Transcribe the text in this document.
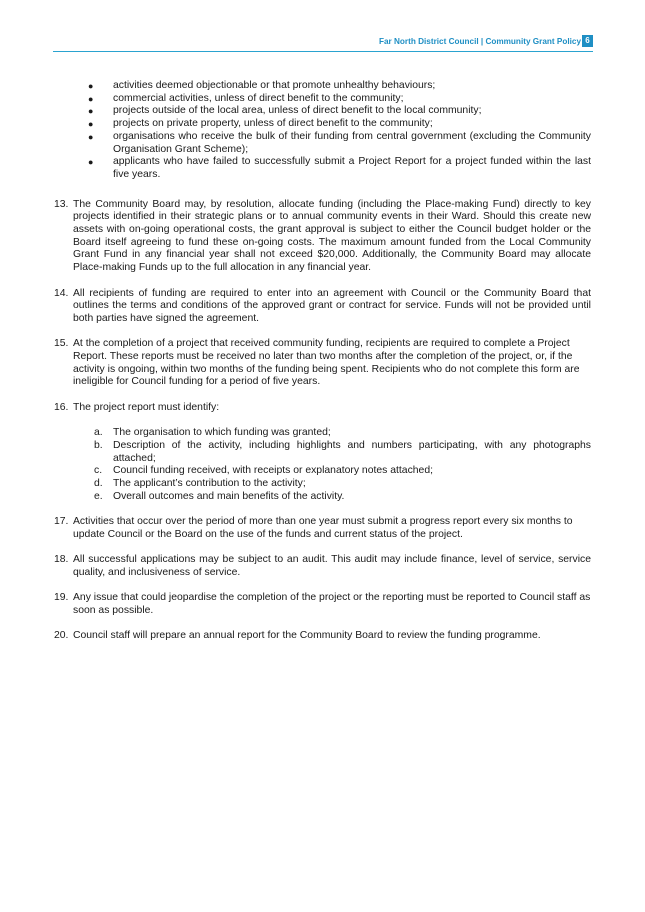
Far North District Council | Community Grant Policy 6
● activities deemed objectionable or that promote unhealthy behaviours;
● commercial activities, unless of direct benefit to the community;
● projects outside of the local area, unless of direct benefit to the local community;
● projects on private property, unless of direct benefit to the community;
● organisations who receive the bulk of their funding from central government (excluding the Community Organisation Grant Scheme);
● applicants who have failed to successfully submit a Project Report for a project funded within the last five years.
13. The Community Board may, by resolution, allocate funding (including the Place-making Fund) directly to key projects identified in their strategic plans or to annual community events in their Ward. Should this create new assets with on-going operational costs, the grant approval is subject to either the Council budget holder or the Board itself agreeing to fund these on-going costs. The maximum amount funded from the Local Community Grant Fund in any financial year shall not exceed $20,000. Additionally, the Community Board may allocate Place-making Funds up to the full allocation in any financial year.
14. All recipients of funding are required to enter into an agreement with Council or the Community Board that outlines the terms and conditions of the approved grant or contract for service. Funds will not be provided until both parties have signed the agreement.
15. At the completion of a project that received community funding, recipients are required to complete a Project Report. These reports must be received no later than two months after the completion of the project, or, if the activity is ongoing, within two months of the funding being spent. Recipients who do not complete this form are ineligible for Council funding for a period of five years.
16. The project report must identify:
a. The organisation to which funding was granted;
b. Description of the activity, including highlights and numbers participating, with any photographs attached;
c. Council funding received, with receipts or explanatory notes attached;
d. The applicant’s contribution to the activity;
e. Overall outcomes and main benefits of the activity.
17. Activities that occur over the period of more than one year must submit a progress report every six months to update Council or the Board on the use of the funds and current status of the project.
18. All successful applications may be subject to an audit. This audit may include finance, level of service, service quality, and inclusiveness of service.
19. Any issue that could jeopardise the completion of the project or the reporting must be reported to Council staff as soon as possible.
20. Council staff will prepare an annual report for the Community Board to review the funding programme.
